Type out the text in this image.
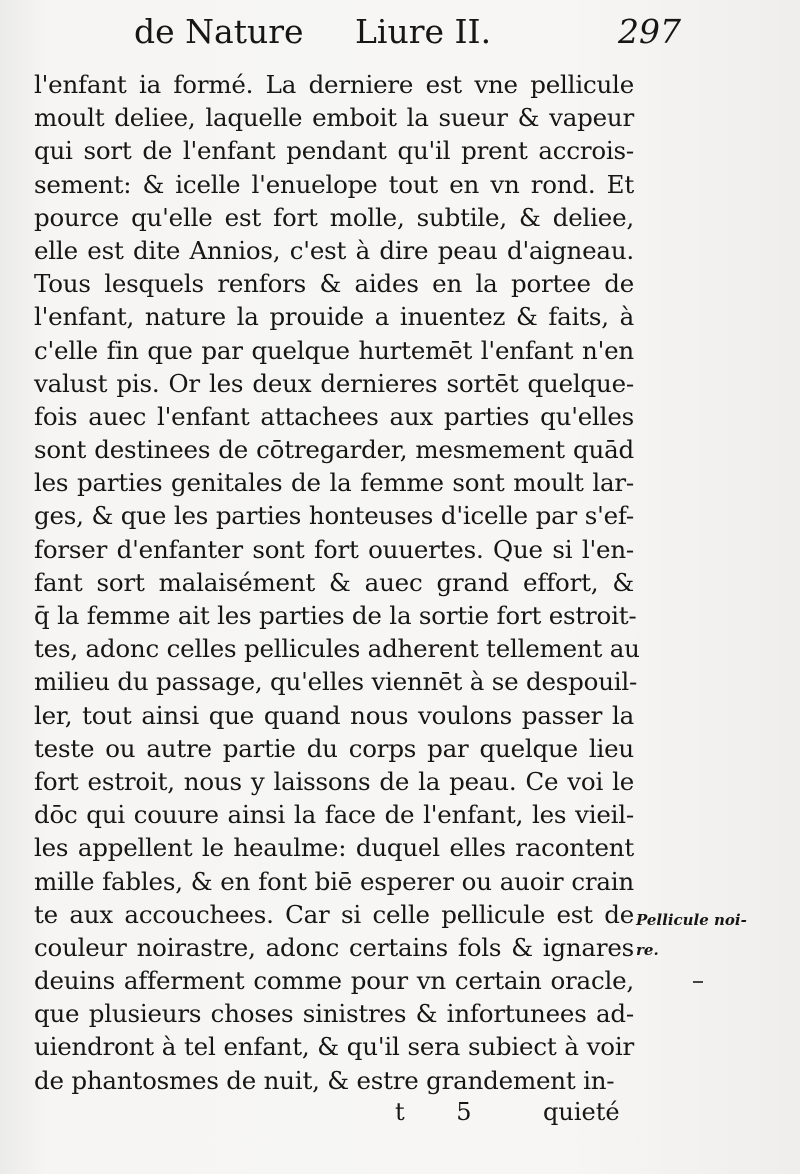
de Nature Liure II.	297
l'enfant ia formé. La derniere est vne pellicule
moult deliee, laquelle emboit la sueur & vapeur
qui sort de l'enfant pendant qu'il prent accrois-
sement: & icelle l'enuelope tout en vn rond. Et
pource qu'elle est fort molle, subtile, & deliee,
elle est dite Annios, c'est à dire peau d'aigneau.
Tous lesquels renfors & aides en la portee de
l'enfant, nature la prouide a inuentez & faits, à
c'elle fin que par quelque hurtemēt l'enfant n'en
valust pis. Or les deux dernieres sortēt quelque-
fois auec l'enfant attachees aux parties qu'elles
sont destinees de cōtregarder, mesmement quād
les parties genitales de la femme sont moult lar-
ges, & que les parties honteuses d'icelle par s'ef-
forser d'enfanter sont fort ouuertes. Que si l'en-
fant sort malaisément & auec grand effort, &
q̄ la femme ait les parties de la sortie fort estroit-
tes, adonc celles pellicules adherent tellement au
milieu du passage, qu'elles viennēt à se despouil-
ler, tout ainsi que quand nous voulons passer la
teste ou autre partie du corps par quelque lieu
fort estroit, nous y laissons de la peau. Ce voi le
dōc qui couure ainsi la face de l'enfant, les vieil-
les appellent le heaulme: duquel elles racontent
mille fables, & en font biē esperer ou auoir crain
te aux accouchees. Car si celle pellicule est de
couleur noirastre, adonc certains fols & ignares
deuins afferment comme pour vn certain oracle,
que plusieurs choses sinistres & infortunees ad-
uiendront à tel enfant, & qu'il sera subiect à voir
de phantosmes de nuit, & estre grandement in-
Pellicule noi-
re.
t 5 quieté
